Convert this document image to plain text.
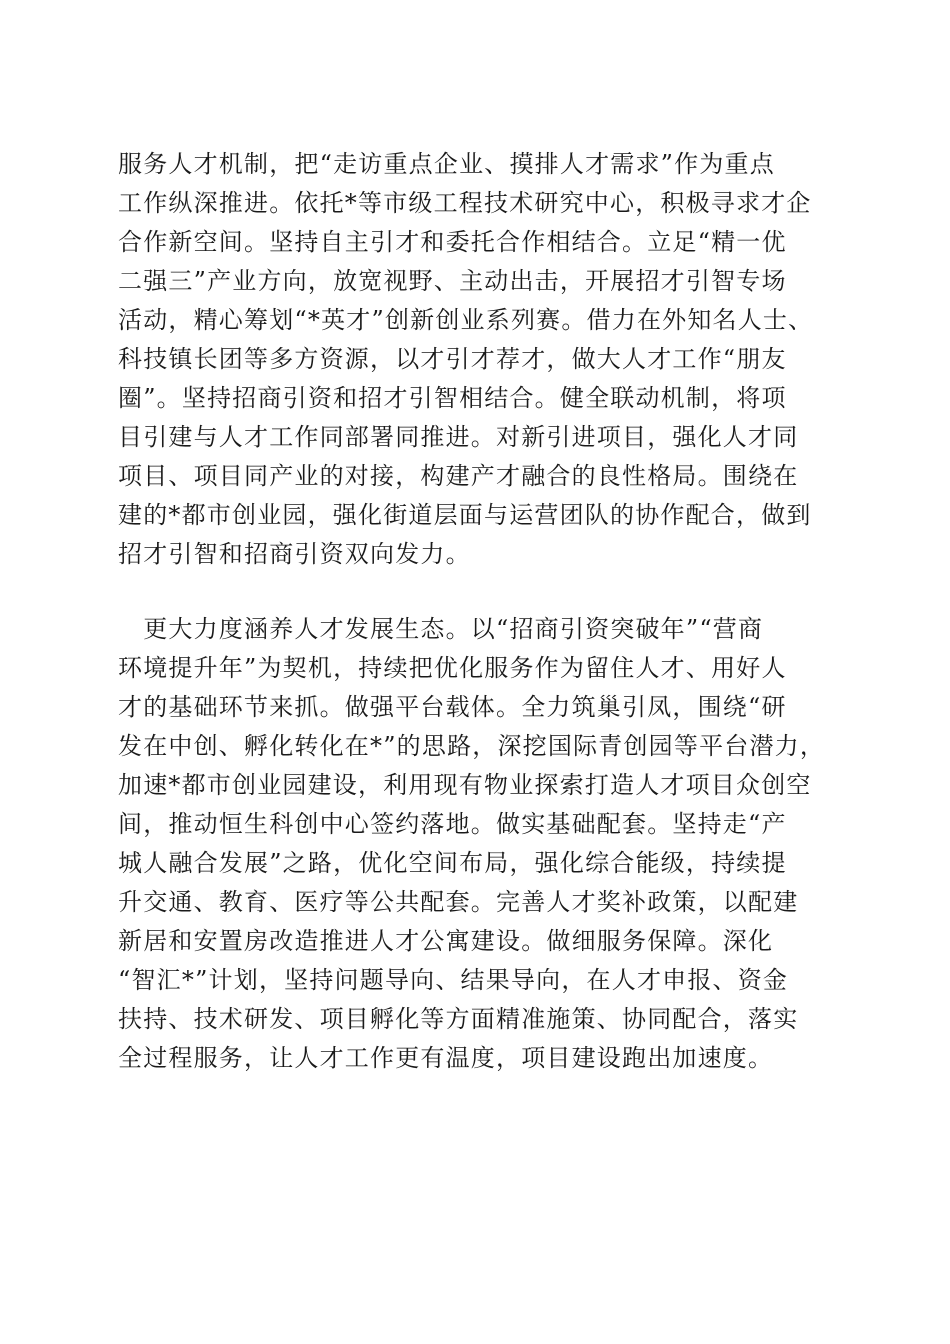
服务人才机制，把“走访重点企业、摸排人才需求”作为重点
工作纵深推进。依托*等市级工程技术研究中心，积极寻求才企
合作新空间。坚持自主引才和委托合作相结合。立足“精一优
二强三”产业方向，放宽视野、主动出击，开展招才引智专场
活动，精心筹划“*英才”创新创业系列赛。借力在外知名人士、
科技镇长团等多方资源，以才引才荐才，做大人才工作“朋友
圈”。坚持招商引资和招才引智相结合。健全联动机制，将项
目引建与人才工作同部署同推进。对新引进项目，强化人才同
项目、项目同产业的对接，构建产才融合的良性格局。围绕在
建的*都市创业园，强化街道层面与运营团队的协作配合，做到
招才引智和招商引资双向发力。
　更大力度涵养人才发展生态。以“招商引资突破年”“营商
环境提升年”为契机，持续把优化服务作为留住人才、用好人
才的基础环节来抓。做强平台载体。全力筑巢引凤，围绕“研
发在中创、孵化转化在*”的思路，深挖国际青创园等平台潜力，
加速*都市创业园建设，利用现有物业探索打造人才项目众创空
间，推动恒生科创中心签约落地。做实基础配套。坚持走“产
城人融合发展”之路，优化空间布局，强化综合能级，持续提
升交通、教育、医疗等公共配套。完善人才奖补政策，以配建
新居和安置房改造推进人才公寓建设。做细服务保障。深化
“智汇*”计划，坚持问题导向、结果导向，在人才申报、资金
扶持、技术研发、项目孵化等方面精准施策、协同配合，落实
全过程服务，让人才工作更有温度，项目建设跑出加速度。
